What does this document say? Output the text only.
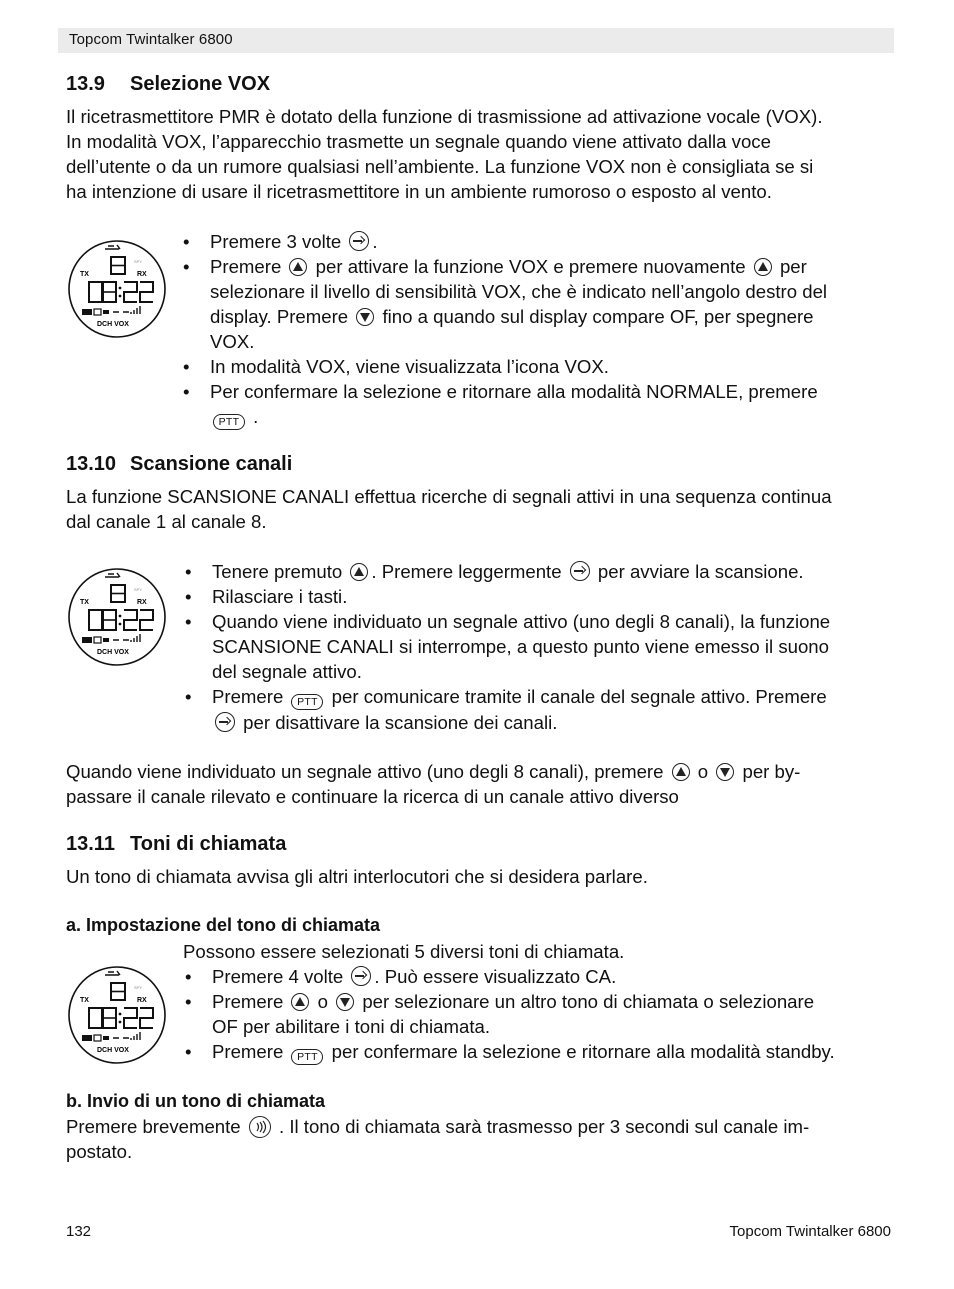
Topcom Twintalker 6800
13.9 Selezione VOX
Il ricetrasmettitore PMR è dotato della funzione di trasmissione ad attivazione vocale (VOX).
In modalità VOX, l’apparecchio trasmette un segnale quando viene attivato dalla voce
dell’utente o da un rumore qualsiasi nell’ambiente. La funzione VOX non è consigliata se si
ha intenzione di usare il ricetrasmettitore in un ambiente rumoroso o esposto al vento.
TX	RX
SPY
DCH VOX
• Premere 3 volte .
• Premere per attivare la funzione VOX e premere nuovamente per
selezionare il livello di sensibilità VOX, che è indicato nell’angolo destro del
display. Premere fino a quando sul display compare OF, per spegnere
VOX.
• In modalità VOX, viene visualizzata l’icona VOX.
• Per confermare la selezione e ritornare alla modalità NORMALE, premere
PTT .
13.10 Scansione canali
La funzione SCANSIONE CANALI effettua ricerche di segnali attivi in una sequenza continua
dal canale 1 al canale 8.
TX	RX
SPY
DCH VOX
• Tenere premuto . Premere leggermente per avviare la scansione.
• Rilasciare i tasti.
• Quando viene individuato un segnale attivo (uno degli 8 canali), la funzione
SCANSIONE CANALI si interrompe, a questo punto viene emesso il suono
del segnale attivo.
• Premere PTT per comunicare tramite il canale del segnale attivo. Premere
per disattivare la scansione dei canali.
Quando viene individuato un segnale attivo (uno degli 8 canali), premere o per by-
passare il canale rilevato e continuare la ricerca di un canale attivo diverso
13.11 Toni di chiamata
Un tono di chiamata avvisa gli altri interlocutori che si desidera parlare.
a. Impostazione del tono di chiamata
TX	RX
SPY
DCH VOX
Possono essere selezionati 5 diversi toni di chiamata.
• Premere 4 volte . Può essere visualizzato CA.
• Premere o per selezionare un altro tono di chiamata o selezionare
OF per abilitare i toni di chiamata.
• Premere PTT per confermare la selezione e ritornare alla modalità standby.
b. Invio di un tono di chiamata
Premere brevemente . Il tono di chiamata sarà trasmesso per 3 secondi sul canale im-
postato.
132	Topcom Twintalker 6800
